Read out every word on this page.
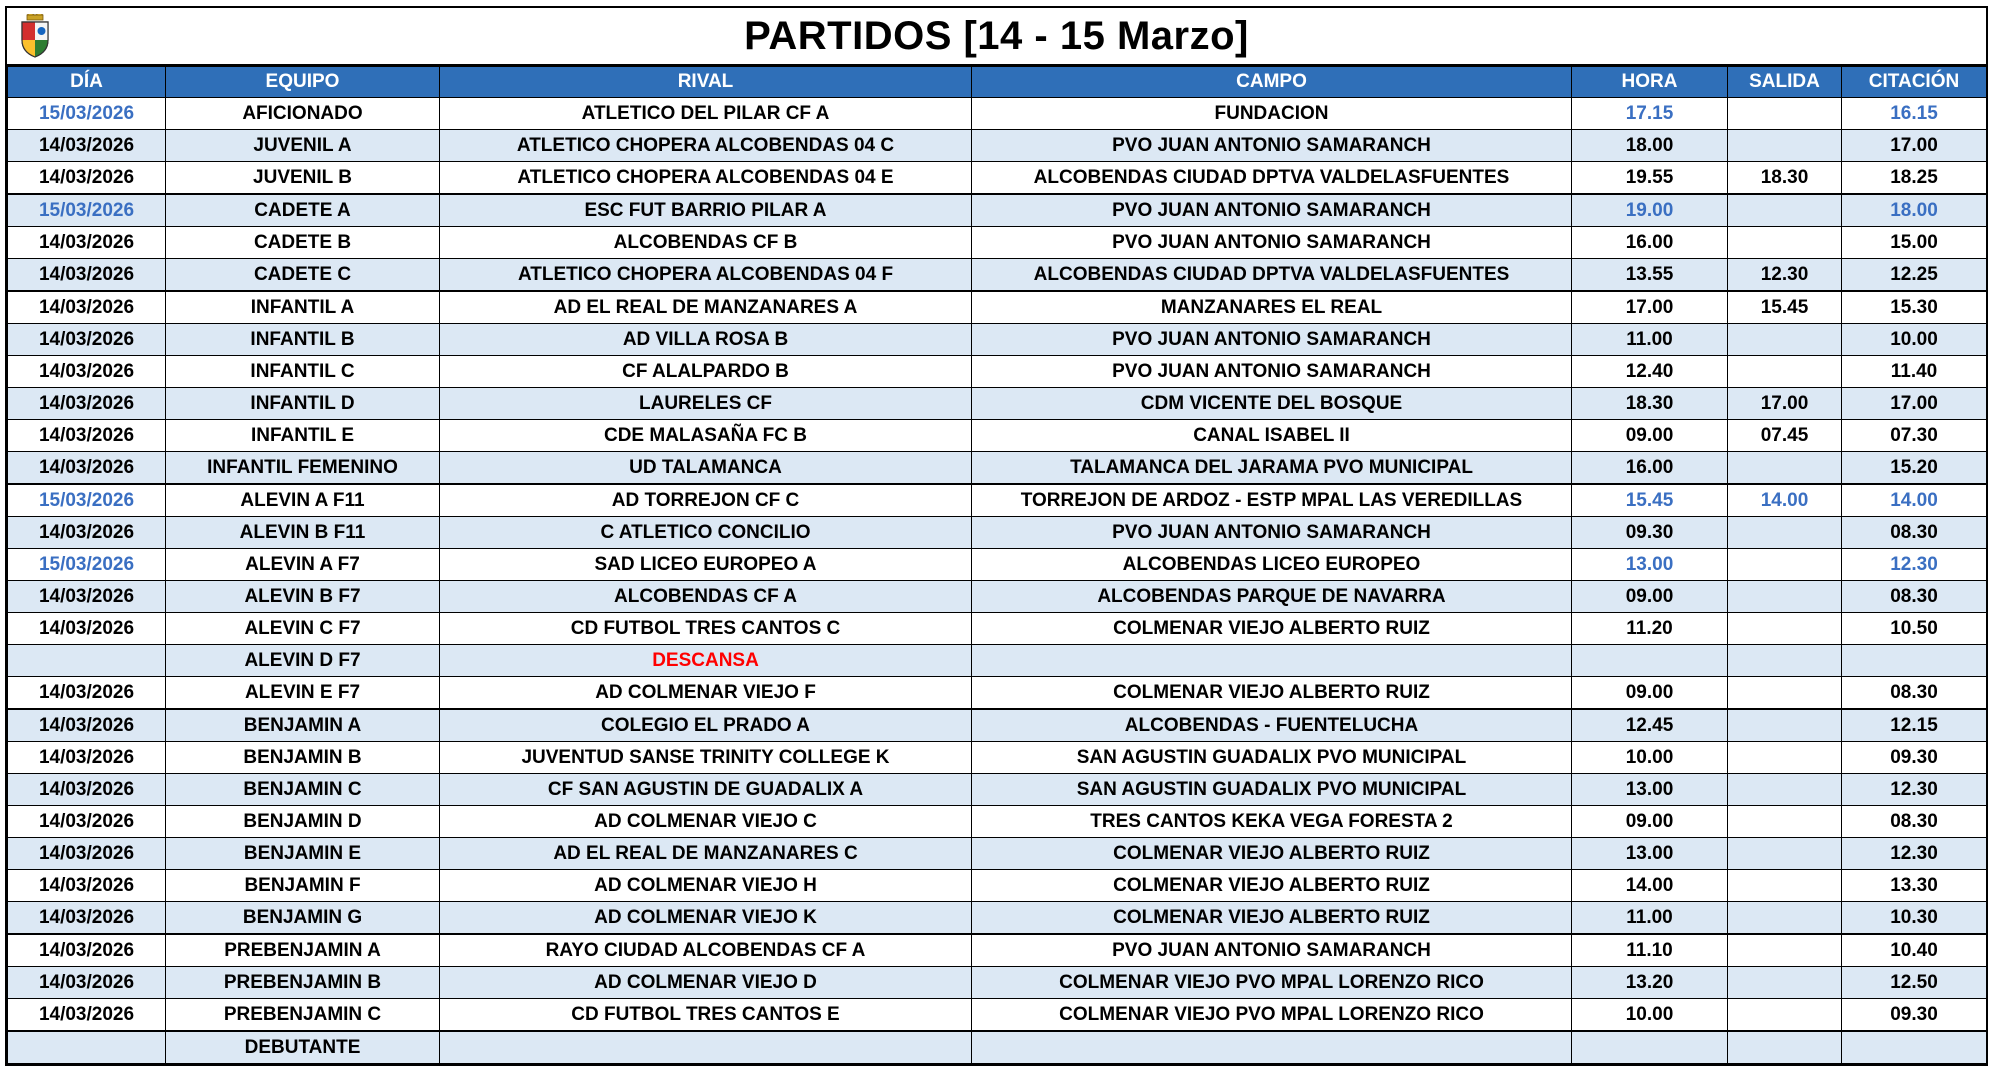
PARTIDOS [14 - 15 Marzo]
DÍA	EQUIPO	RIVAL	CAMPO	HORA	SALIDA	CITACIÓN
15/03/2026	AFICIONADO	ATLETICO DEL PILAR CF A	FUNDACION	17.15		16.15
14/03/2026	JUVENIL A	ATLETICO CHOPERA ALCOBENDAS 04 C	PVO JUAN ANTONIO SAMARANCH	18.00		17.00
14/03/2026	JUVENIL B	ATLETICO CHOPERA ALCOBENDAS 04 E	ALCOBENDAS CIUDAD DPTVA VALDELASFUENTES	19.55	18.30	18.25
15/03/2026	CADETE A	ESC FUT BARRIO PILAR A	PVO JUAN ANTONIO SAMARANCH	19.00		18.00
14/03/2026	CADETE B	ALCOBENDAS CF B	PVO JUAN ANTONIO SAMARANCH	16.00		15.00
14/03/2026	CADETE C	ATLETICO CHOPERA ALCOBENDAS 04 F	ALCOBENDAS CIUDAD DPTVA VALDELASFUENTES	13.55	12.30	12.25
14/03/2026	INFANTIL A	AD EL REAL DE MANZANARES A	MANZANARES EL REAL	17.00	15.45	15.30
14/03/2026	INFANTIL B	AD VILLA ROSA B	PVO JUAN ANTONIO SAMARANCH	11.00		10.00
14/03/2026	INFANTIL C	CF ALALPARDO B	PVO JUAN ANTONIO SAMARANCH	12.40		11.40
14/03/2026	INFANTIL D	LAURELES CF	CDM VICENTE DEL BOSQUE	18.30	17.00	17.00
14/03/2026	INFANTIL E	CDE MALASAÑA FC B	CANAL ISABEL II	09.00	07.45	07.30
14/03/2026	INFANTIL FEMENINO	UD TALAMANCA	TALAMANCA DEL JARAMA PVO MUNICIPAL	16.00		15.20
15/03/2026	ALEVIN A F11	AD TORREJON CF C	TORREJON DE ARDOZ - ESTP MPAL LAS VEREDILLAS	15.45	14.00	14.00
14/03/2026	ALEVIN B F11	C ATLETICO CONCILIO	PVO JUAN ANTONIO SAMARANCH	09.30		08.30
15/03/2026	ALEVIN A F7	SAD LICEO EUROPEO A	ALCOBENDAS LICEO EUROPEO	13.00		12.30
14/03/2026	ALEVIN B F7	ALCOBENDAS CF A	ALCOBENDAS PARQUE DE NAVARRA	09.00		08.30
14/03/2026	ALEVIN C F7	CD FUTBOL TRES CANTOS C	COLMENAR VIEJO ALBERTO RUIZ	11.20		10.50
	ALEVIN D F7	DESCANSA				
14/03/2026	ALEVIN E F7	AD COLMENAR VIEJO F	COLMENAR VIEJO ALBERTO RUIZ	09.00		08.30
14/03/2026	BENJAMIN A	COLEGIO EL PRADO A	ALCOBENDAS - FUENTELUCHA	12.45		12.15
14/03/2026	BENJAMIN B	JUVENTUD SANSE TRINITY COLLEGE K	SAN AGUSTIN GUADALIX PVO MUNICIPAL	10.00		09.30
14/03/2026	BENJAMIN C	CF SAN AGUSTIN DE GUADALIX A	SAN AGUSTIN GUADALIX PVO MUNICIPAL	13.00		12.30
14/03/2026	BENJAMIN D	AD COLMENAR VIEJO C	TRES CANTOS KEKA VEGA FORESTA 2	09.00		08.30
14/03/2026	BENJAMIN E	AD EL REAL DE MANZANARES C	COLMENAR VIEJO ALBERTO RUIZ	13.00		12.30
14/03/2026	BENJAMIN F	AD COLMENAR VIEJO H	COLMENAR VIEJO ALBERTO RUIZ	14.00		13.30
14/03/2026	BENJAMIN G	AD COLMENAR VIEJO K	COLMENAR VIEJO ALBERTO RUIZ	11.00		10.30
14/03/2026	PREBENJAMIN A	RAYO CIUDAD ALCOBENDAS CF A	PVO JUAN ANTONIO SAMARANCH	11.10		10.40
14/03/2026	PREBENJAMIN B	AD COLMENAR VIEJO D	COLMENAR VIEJO PVO MPAL LORENZO RICO	13.20		12.50
14/03/2026	PREBENJAMIN C	CD FUTBOL TRES CANTOS E	COLMENAR VIEJO PVO MPAL LORENZO RICO	10.00		09.30
	DEBUTANTE					
